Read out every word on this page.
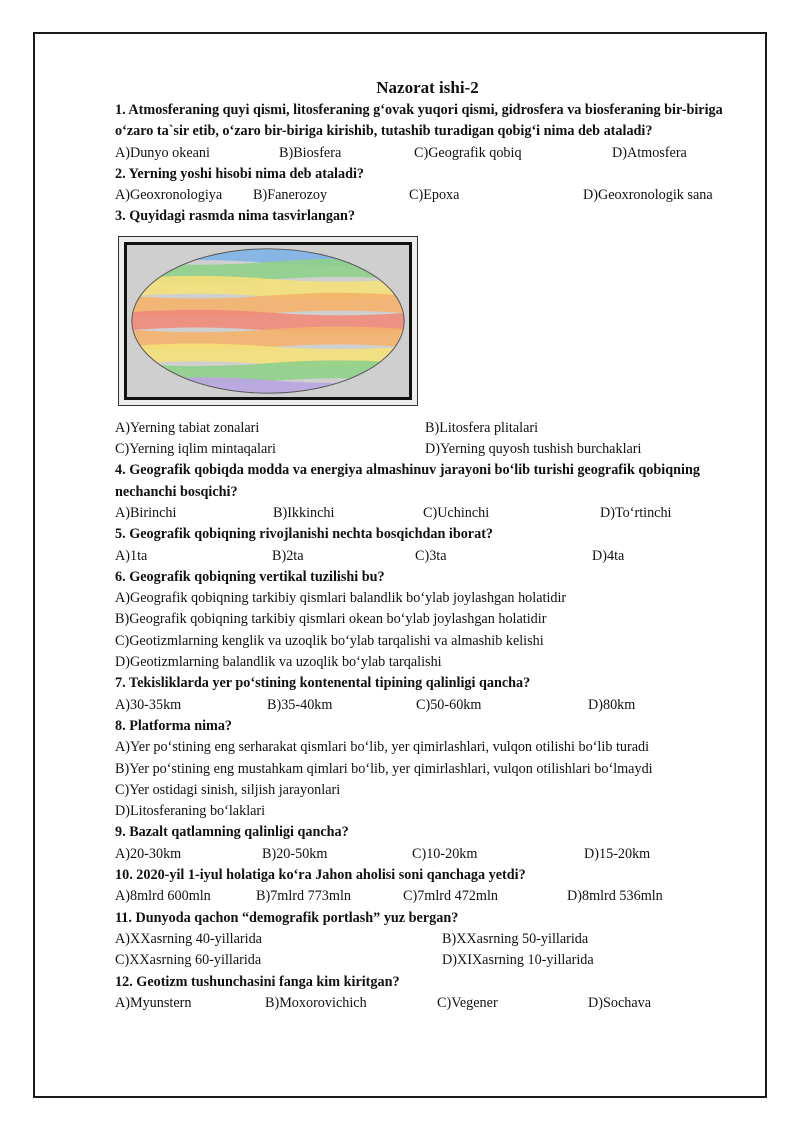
Nazorat ishi-2
1. Atmosferaning quyi qismi, litosferaning g‘ovak yuqori qismi, gidrosfera va biosferaning bir-biriga o‘zaro ta`sir etib, o‘zaro bir-biriga kirishib, tutashib turadigan qobig‘i nima deb ataladi?
A)Dunyo okeani	B)Biosfera	C)Geografik qobiq	D)Atmosfera
2. Yerning yoshi hisobi nima deb ataladi?
A)Geoxronologiya B)Fanerozoy	C)Epoxa	D)Geoxronologik sana
3. Quyidagi rasmda nima tasvirlangan?
A)Yerning tabiat zonalari	B)Litosfera plitalari
C)Yerning iqlim mintaqalari	D)Yerning quyosh tushish burchaklari
4. Geografik qobiqda modda va energiya almashinuv jarayoni bo‘lib turishi geografik qobiqning nechanchi bosqichi?
A)Birinchi	B)Ikkinchi	C)Uchinchi	D)To‘rtinchi
5. Geografik qobiqning rivojlanishi nechta bosqichdan iborat?
A)1ta	B)2ta	C)3ta	D)4ta
6. Geografik qobiqning vertikal tuzilishi bu?
A)Geografik qobiqning tarkibiy qismlari balandlik bo‘ylab joylashgan holatidir
B)Geografik qobiqning tarkibiy qismlari okean bo‘ylab joylashgan holatidir
C)Geotizmlarning kenglik va uzoqlik bo‘ylab tarqalishi va almashib kelishi
D)Geotizmlarning balandlik va uzoqlik bo‘ylab tarqalishi
7. Tekisliklarda yer po‘stining kontenental tipining qalinligi qancha?
A)30-35km	B)35-40km	C)50-60km	D)80km
8. Platforma nima?
A)Yer po‘stining eng serharakat qismlari bo‘lib, yer qimirlashlari, vulqon otilishi bo‘lib turadi
B)Yer po‘stining eng mustahkam qimlari bo‘lib, yer qimirlashlari, vulqon otilishlari bo‘lmaydi
C)Yer ostidagi sinish, siljish jarayonlari
D)Litosferaning bo‘laklari
9. Bazalt qatlamning qalinligi qancha?
A)20-30km	B)20-50km	C)10-20km	D)15-20km
10. 2020-yil 1-iyul holatiga ko‘ra Jahon aholisi soni qanchaga yetdi?
A)8mlrd 600mln	B)7mlrd 773mln	C)7mlrd 472mln	D)8mlrd 536mln
11. Dunyoda qachon “demografik portlash” yuz bergan?
A)XXasrning 40-yillarida	B)XXasrning 50-yillarida
C)XXasrning 60-yillarida	D)XIXasrning 10-yillarida
12. Geotizm tushunchasini fanga kim kiritgan?
A)Myunstern	B)Moxorovichich	C)Vegener	D)Sochava
